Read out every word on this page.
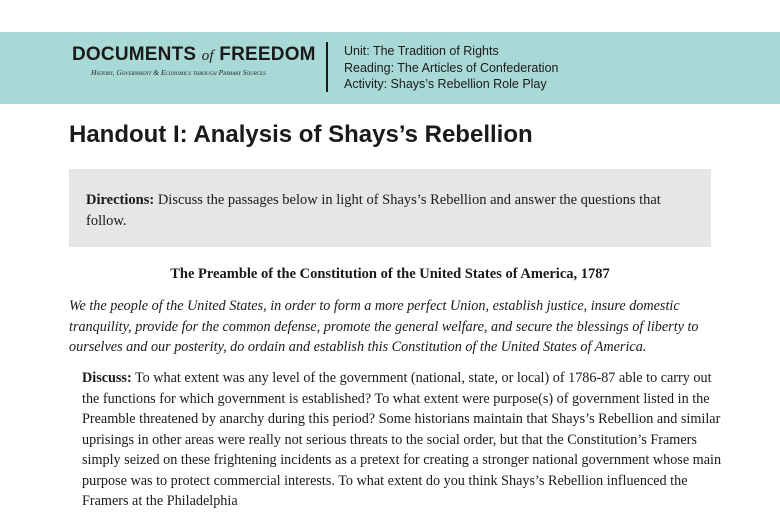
DOCUMENTS of FREEDOM
History, Government & Economics through Primary Sources
Unit: The Tradition of Rights
Reading: The Articles of Confederation
Activity: Shays’s Rebellion Role Play
Handout I: Analysis of Shays’s Rebellion
Directions: Discuss the passages below in light of Shays’s Rebellion and answer the questions that follow.
The Preamble of the Constitution of the United States of America, 1787
We the people of the United States, in order to form a more perfect Union, establish justice, insure domestic tranquility, provide for the common defense, promote the general welfare, and secure the blessings of liberty to ourselves and our posterity, do ordain and establish this Constitution of the United States of America.
Discuss: To what extent was any level of the government (national, state, or local) of 1786-87 able to carry out the functions for which government is established? To what extent were purpose(s) of government listed in the Preamble threatened by anarchy during this period? Some historians maintain that Shays’s Rebellion and similar uprisings in other areas were really not serious threats to the social order, but that the Constitution’s Framers simply seized on these frightening incidents as a pretext for creating a stronger national government whose main purpose was to protect commercial interests. To what extent do you think Shays’s Rebellion influenced the Framers at the Philadelphia
